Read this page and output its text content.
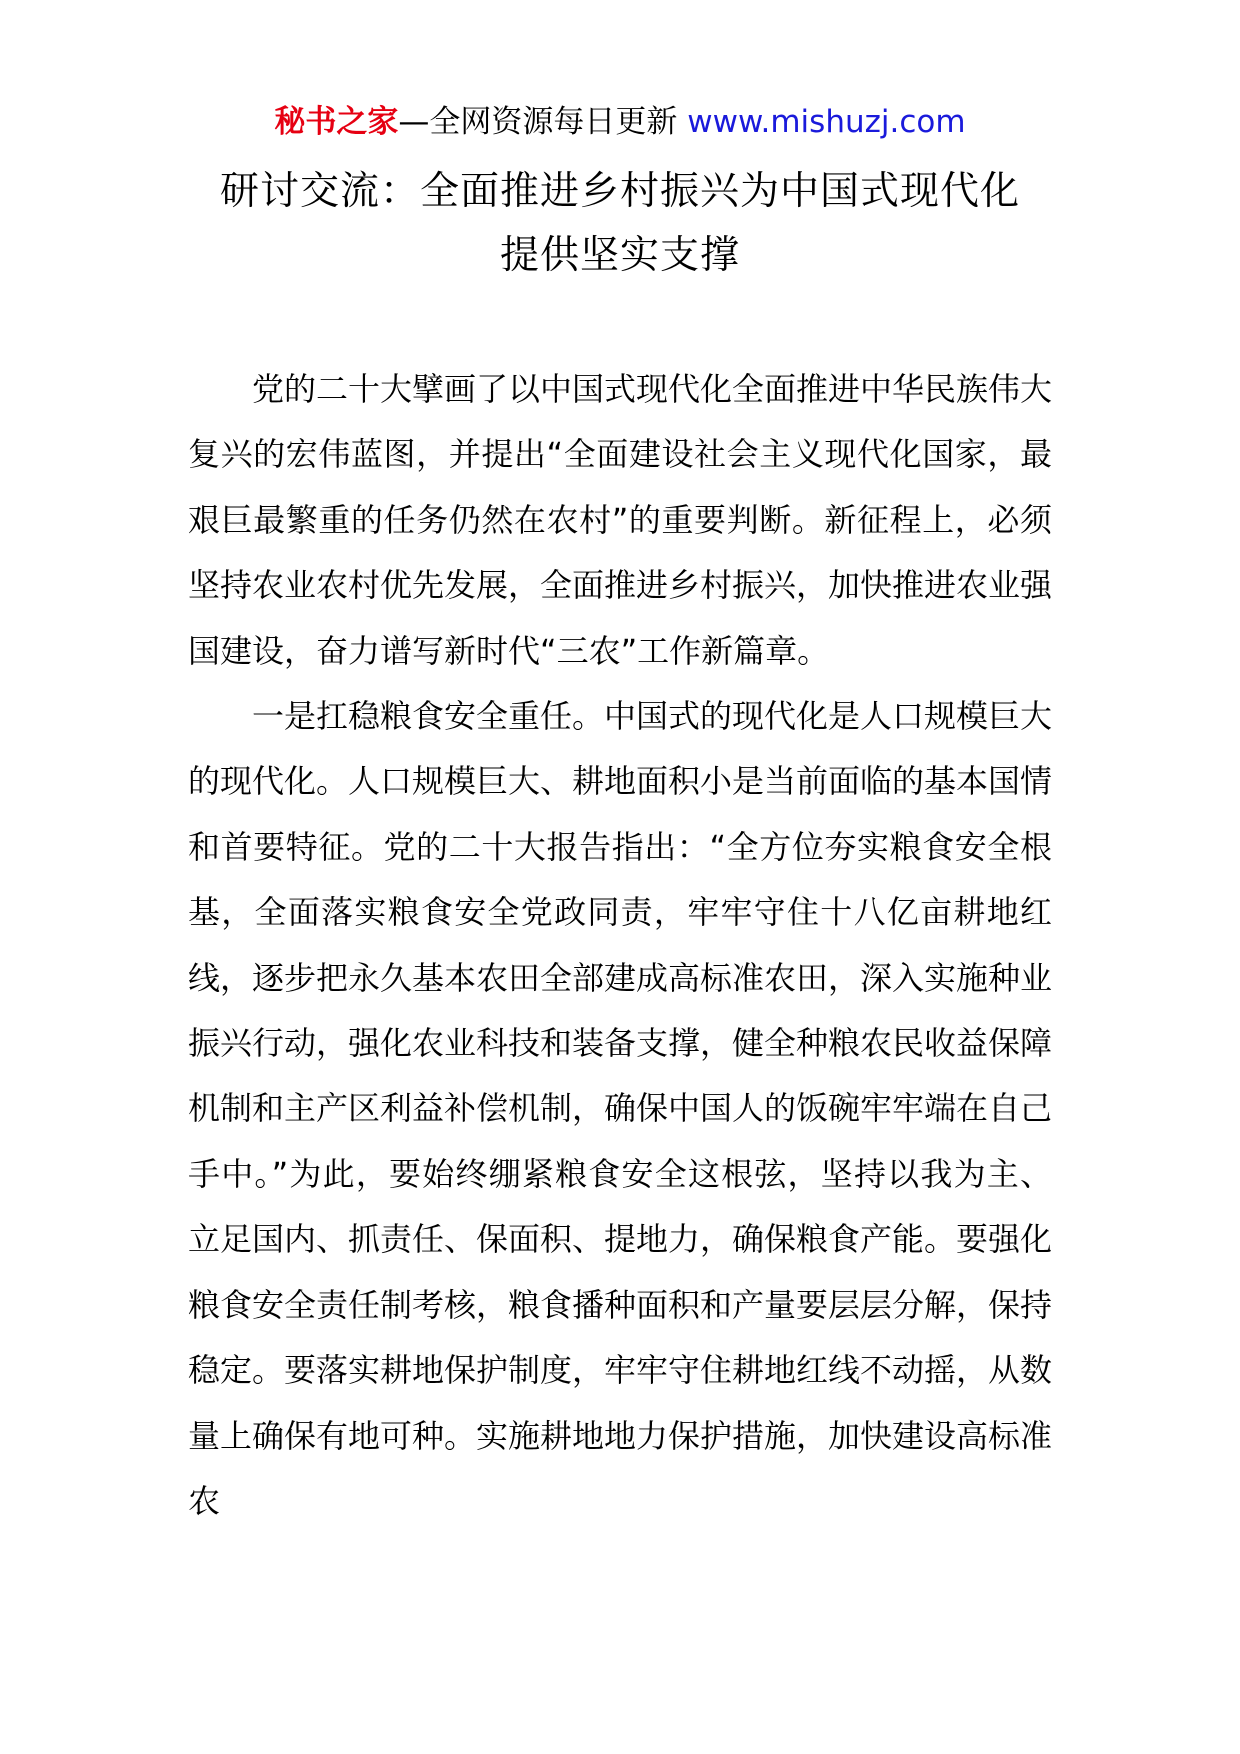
秘书之家—全网资源每日更新 www.mishuzj.com
研讨交流：全面推进乡村振兴为中国式现代化
提供坚实支撑

党的二十大擘画了以中国式现代化全面推进中华民族伟大复兴的宏伟蓝图，并提出“全面建设社会主义现代化国家，最艰巨最繁重的任务仍然在农村”的重要判断。新征程上，必须坚持农业农村优先发展，全面推进乡村振兴，加快推进农业强国建设，奋力谱写新时代“三农”工作新篇章。

一是扛稳粮食安全重任。中国式的现代化是人口规模巨大的现代化。人口规模巨大、耕地面积小是当前面临的基本国情和首要特征。党的二十大报告指出：“全方位夯实粮食安全根基，全面落实粮食安全党政同责，牢牢守住十八亿亩耕地红线，逐步把永久基本农田全部建成高标准农田，深入实施种业振兴行动，强化农业科技和装备支撑，健全种粮农民收益保障机制和主产区利益补偿机制，确保中国人的饭碗牢牢端在自己手中。”为此，要始终绷紧粮食安全这根弦，坚持以我为主、立足国内、抓责任、保面积、提地力，确保粮食产能。要强化粮食安全责任制考核，粮食播种面积和产量要层层分解，保持稳定。要落实耕地保护制度，牢牢守住耕地红线不动摇，从数量上确保有地可种。实施耕地地力保护措施，加快建设高标准农
